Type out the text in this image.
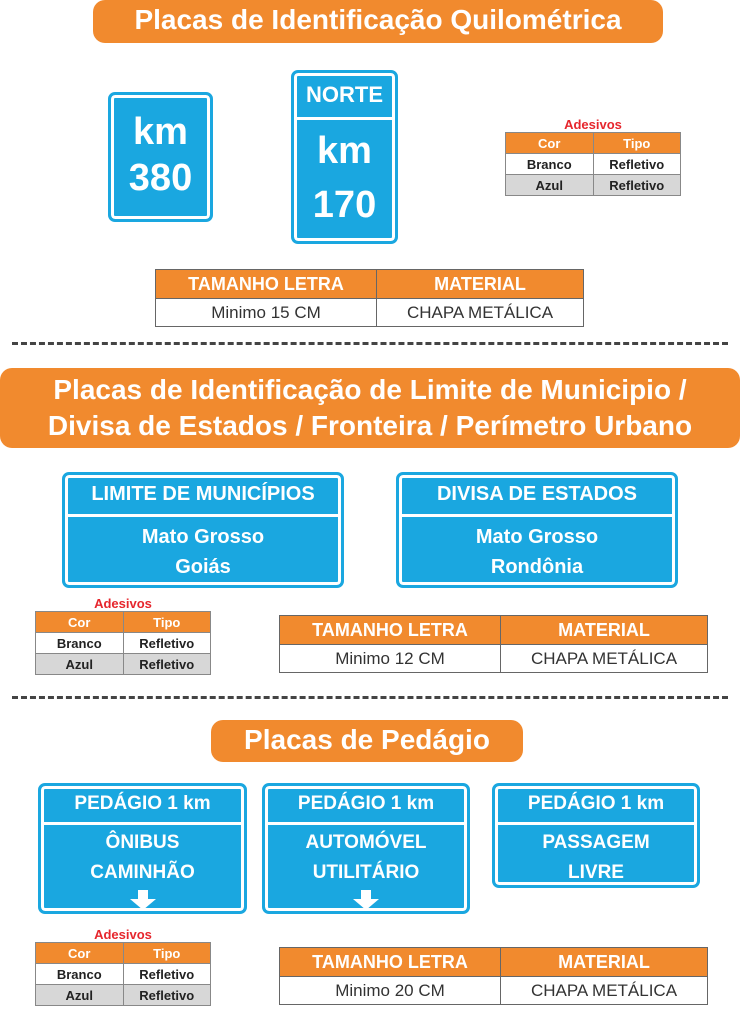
Placas de Identificação Quilométrica
km
380
NORTE
km
170
Adesivos
Cor	Tipo
Branco	Refletivo
Azul	Refletivo
TAMANHO LETRA	MATERIAL
Minimo 15 CM	CHAPA METÁLICA
Placas de Identificação de Limite de Municipio /
Divisa de Estados / Fronteira / Perímetro Urbano
LIMITE DE MUNICÍPIOS
Mato Grosso
Goiás
DIVISA DE ESTADOS
Mato Grosso
Rondônia
Adesivos
Cor	Tipo
Branco	Refletivo
Azul	Refletivo
TAMANHO LETRA	MATERIAL
Minimo 12 CM	CHAPA METÁLICA
Placas de Pedágio
PEDÁGIO 1 km
ÔNIBUS
CAMINHÃO
PEDÁGIO 1 km
AUTOMÓVEL
UTILITÁRIO
PEDÁGIO 1 km
PASSAGEM
LIVRE
Adesivos
Cor	Tipo
Branco	Refletivo
Azul	Refletivo
TAMANHO LETRA	MATERIAL
Minimo 20 CM	CHAPA METÁLICA
